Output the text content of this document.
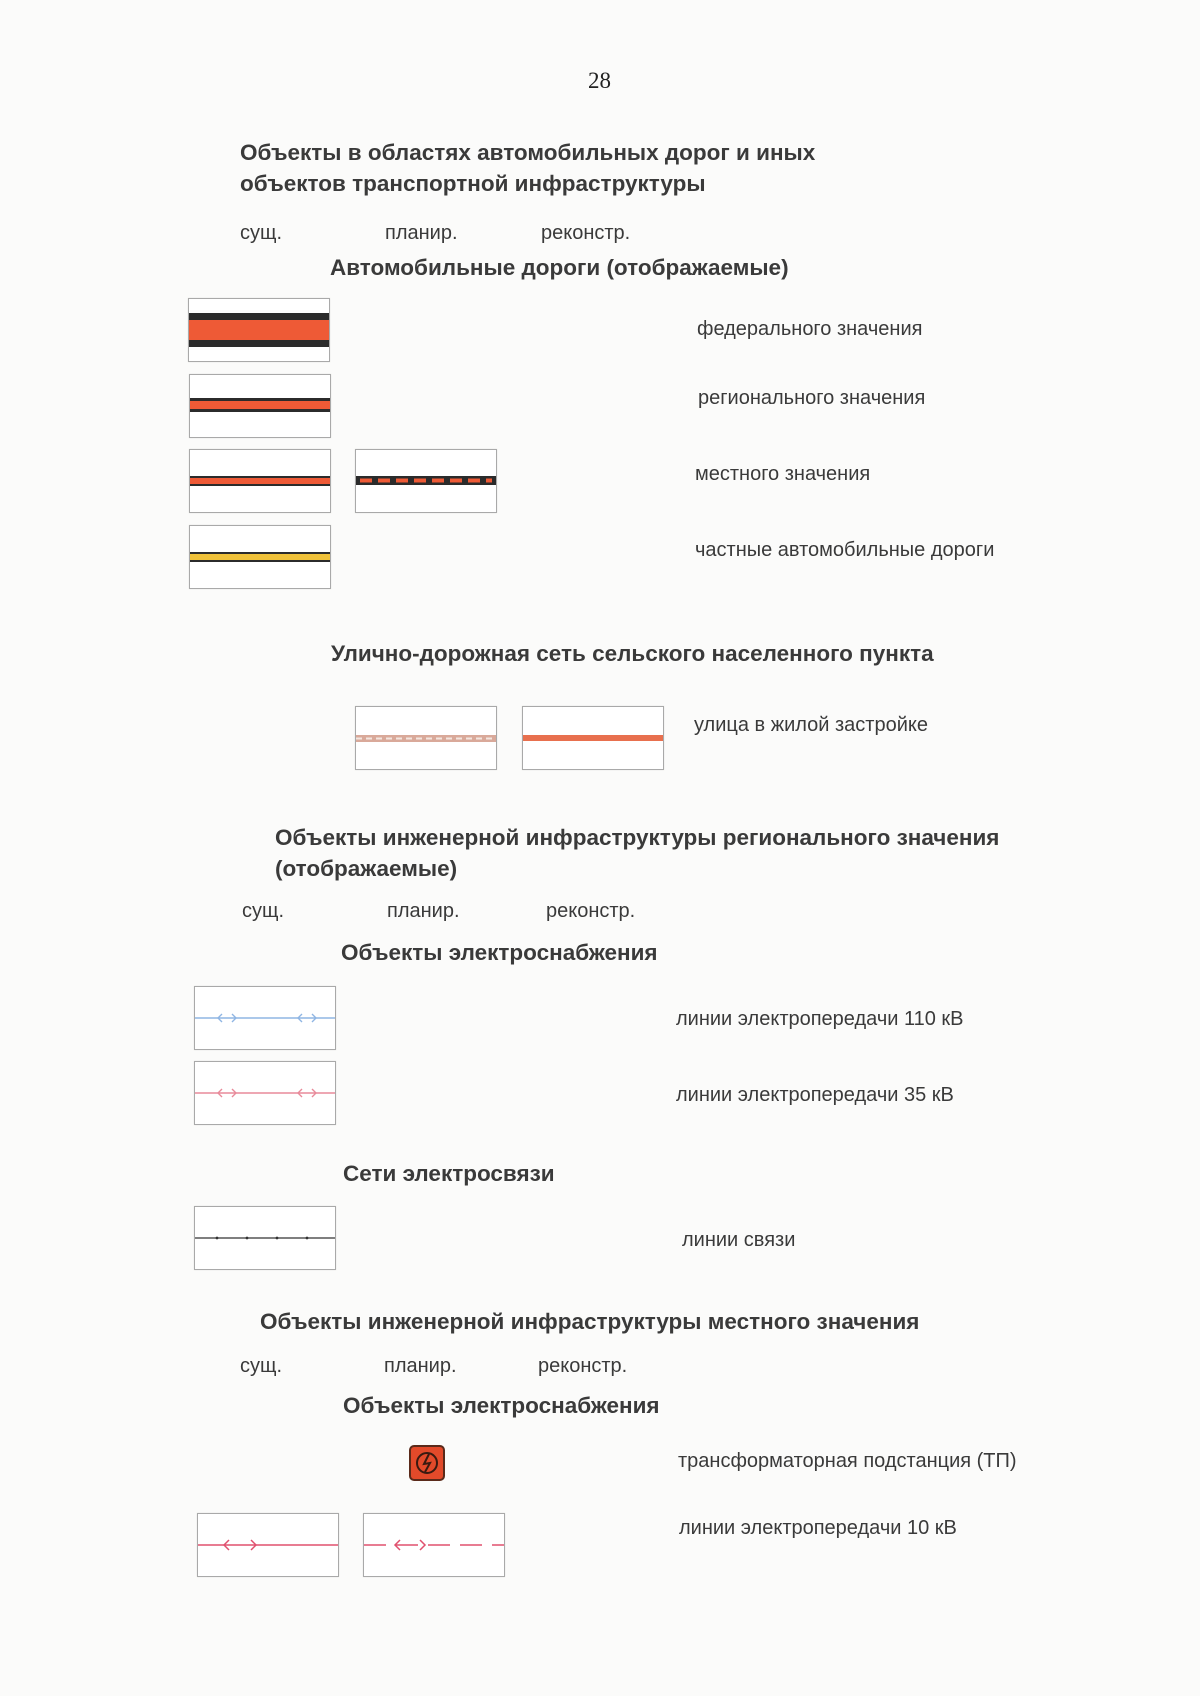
28
Объекты в областях автомобильных дорог и иных
объектов транспортной инфраструктуры
сущ.	планир.	реконстр.
Автомобильные дороги (отображаемые)
федерального значения
регионального значения
местного значения
частные автомобильные дороги
Улично-дорожная сеть сельского населенного пункта
улица в жилой застройке
Объекты инженерной инфраструктуры регионального значения
(отображаемые)
сущ.	планир.	реконстр.
Объекты электроснабжения
линии электропередачи 110 кВ
линии электропередачи 35 кВ
Сети электросвязи
линии связи
Объекты инженерной инфраструктуры местного значения
сущ.	планир.	реконстр.
Объекты электроснабжения
трансформаторная подстанция (ТП)
линии электропередачи 10 кВ
